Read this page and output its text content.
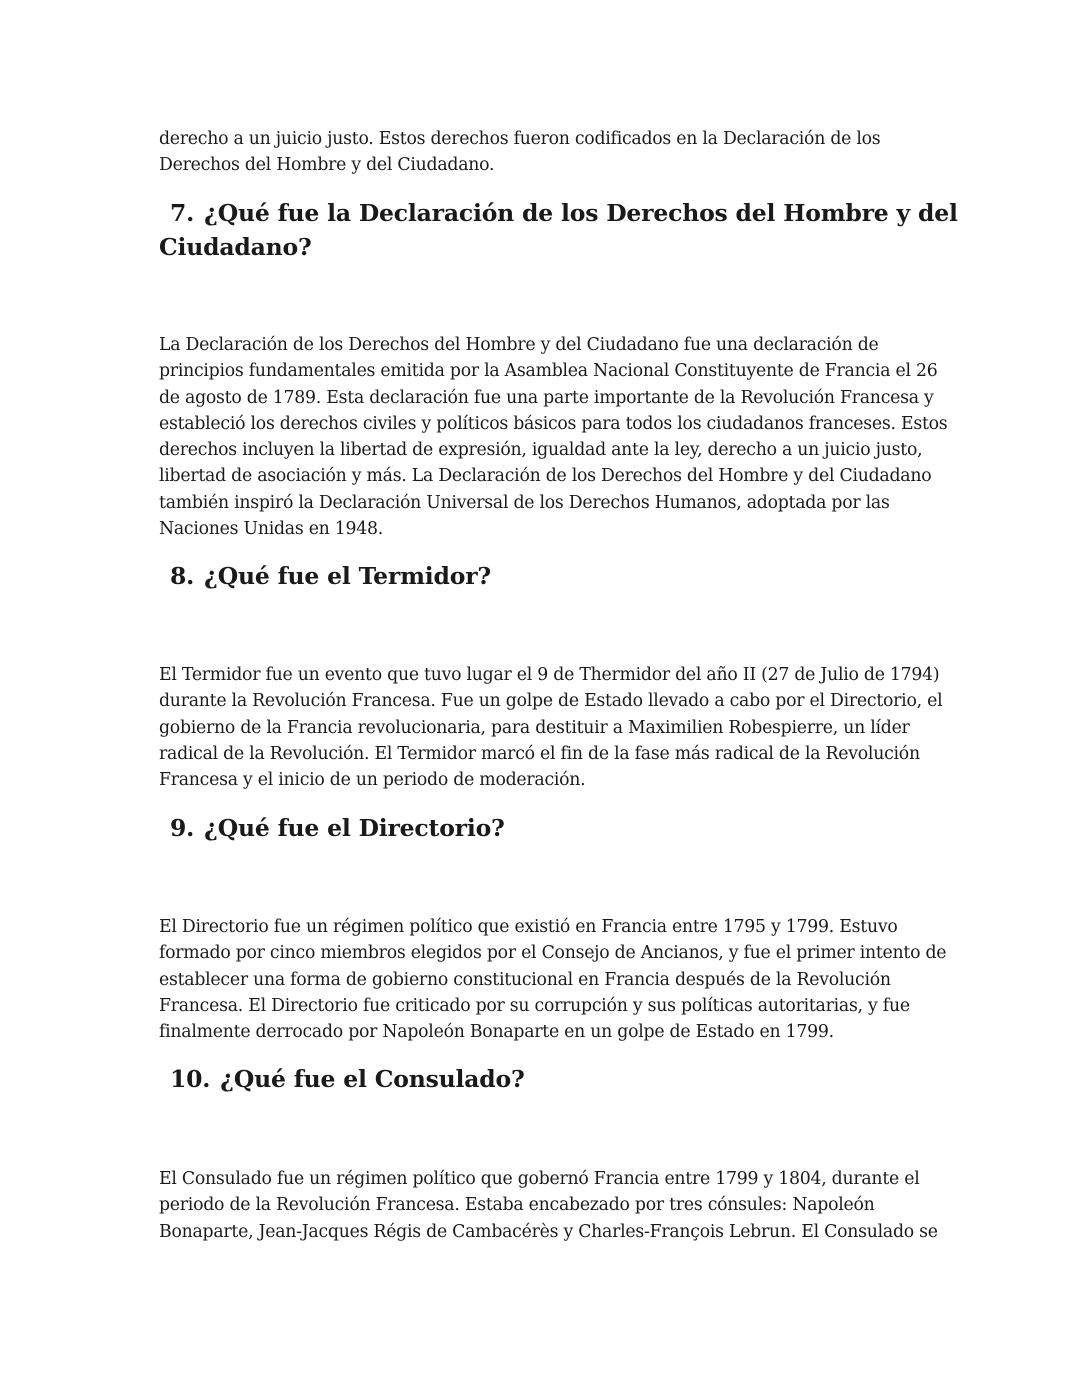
derecho a un juicio justo. Estos derechos fueron codificados en la Declaración de los
Derechos del Hombre y del Ciudadano.

7. ¿Qué fue la Declaración de los Derechos del Hombre y del
Ciudadano?

La Declaración de los Derechos del Hombre y del Ciudadano fue una declaración de
principios fundamentales emitida por la Asamblea Nacional Constituyente de Francia el 26
de agosto de 1789. Esta declaración fue una parte importante de la Revolución Francesa y
estableció los derechos civiles y políticos básicos para todos los ciudadanos franceses. Estos
derechos incluyen la libertad de expresión, igualdad ante la ley, derecho a un juicio justo,
libertad de asociación y más. La Declaración de los Derechos del Hombre y del Ciudadano
también inspiró la Declaración Universal de los Derechos Humanos, adoptada por las
Naciones Unidas en 1948.

8. ¿Qué fue el Termidor?

El Termidor fue un evento que tuvo lugar el 9 de Thermidor del año II (27 de Julio de 1794)
durante la Revolución Francesa. Fue un golpe de Estado llevado a cabo por el Directorio, el
gobierno de la Francia revolucionaria, para destituir a Maximilien Robespierre, un líder
radical de la Revolución. El Termidor marcó el fin de la fase más radical de la Revolución
Francesa y el inicio de un periodo de moderación.

9. ¿Qué fue el Directorio?

El Directorio fue un régimen político que existió en Francia entre 1795 y 1799. Estuvo
formado por cinco miembros elegidos por el Consejo de Ancianos, y fue el primer intento de
establecer una forma de gobierno constitucional en Francia después de la Revolución
Francesa. El Directorio fue criticado por su corrupción y sus políticas autoritarias, y fue
finalmente derrocado por Napoleón Bonaparte en un golpe de Estado en 1799.

10. ¿Qué fue el Consulado?

El Consulado fue un régimen político que gobernó Francia entre 1799 y 1804, durante el
periodo de la Revolución Francesa. Estaba encabezado por tres cónsules: Napoleón
Bonaparte, Jean-Jacques Régis de Cambacérès y Charles-François Lebrun. El Consulado se
